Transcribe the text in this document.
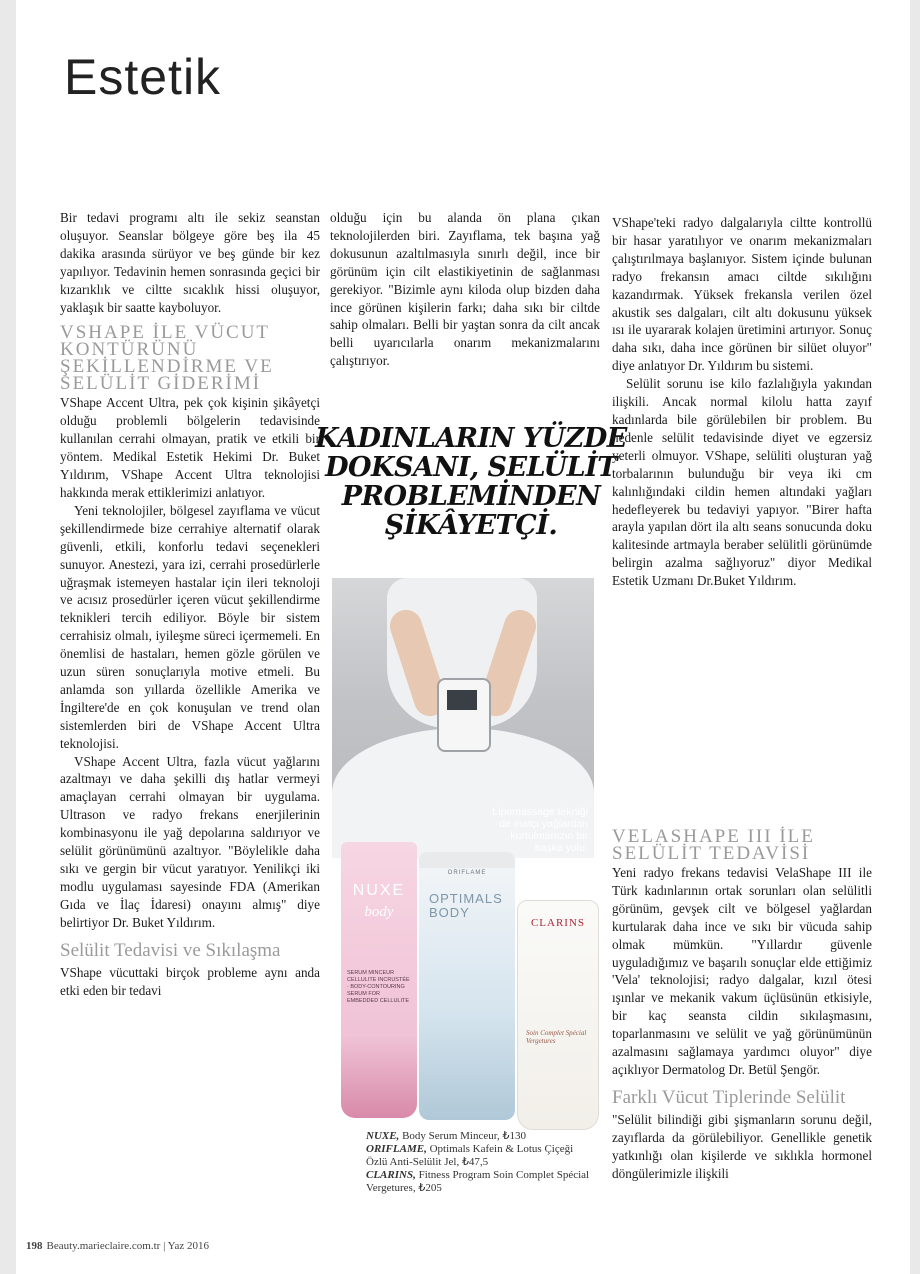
Estetik

Bir tedavi programı altı ile sekiz seanstan oluşuyor. Seanslar bölgeye göre beş ila 45 dakika arasında sürüyor ve beş günde bir kez yapılıyor. Tedavinin hemen sonrasında geçici bir kızarıklık ve ciltte sıcaklık hissi oluşuyor, yaklaşık bir saatte kayboluyor.

VSHAPE İLE VÜCUT KONTÜRÜNÜ ŞEKİLLENDİRME VE SELÜLİT GİDERİMİ

VShape Accent Ultra, pek çok kişinin şikâyetçi olduğu problemli bölgelerin tedavisinde kullanılan cerrahi olmayan, pratik ve etkili bir yöntem. Medikal Estetik Hekimi Dr. Buket Yıldırım, VShape Accent Ultra teknolojisi hakkında merak ettiklerimizi anlatıyor.

Yeni teknolojiler, bölgesel zayıflama ve vücut şekillendirmede bize cerrahiye alternatif olarak güvenli, etkili, konforlu tedavi seçenekleri sunuyor. Anestezi, yara izi, cerrahi prosedürlerle uğraşmak istemeyen hastalar için ileri teknoloji ve acısız prosedürler içeren vücut şekillendirme teknikleri tercih ediliyor. Böyle bir sistem cerrahisiz olmalı, iyileşme süreci içermemeli. En önemlisi de hastaları, hemen gözle görülen ve uzun süren sonuçlarıyla motive etmeli. Bu anlamda son yıllarda özellikle Amerika ve İngiltere'de en çok konuşulan ve trend olan sistemlerden biri de VShape Accent Ultra teknolojisi.

VShape Accent Ultra, fazla vücut yağlarını azaltmayı ve daha şekilli dış hatlar vermeyi amaçlayan cerrahi olmayan bir uygulama. Ultrason ve radyo frekans enerjilerinin kombinasyonu ile yağ depolarına saldırıyor ve selülit görünümünü azaltıyor. "Böylelikle daha sıkı ve gergin bir vücut yaratıyor. Yenilikçi iki modlu uygulaması sayesinde FDA (Amerikan Gıda ve İlaç İdaresi) onayını almış" diye belirtiyor Dr. Buket Yıldırım.

Selülit Tedavisi ve Sıkılaşma

VShape vücuttaki birçok probleme aynı anda etki eden bir tedavi

olduğu için bu alanda ön plana çıkan teknolojilerden biri. Zayıflama, tek başına yağ dokusunun azaltılmasıyla sınırlı değil, ince bir görünüm için cilt elastikiyetinin de sağlanması gerekiyor. "Bizimle aynı kiloda olup bizden daha ince görünen kişilerin farkı; daha sıkı bir ciltde sahip olmaları. Belli bir yaştan sonra da cilt ancak belli uyarıcılarla onarım mekanizmalarını çalıştırıyor.

KADINLARIN YÜZDE DOKSANI, SELÜLİT PROBLEMİNDEN ŞİKÂYETÇİ.
Lipomassage tekniği de inatçı yağlardan kurtulmanızın bir başka yolu.
NUXE
body
SERUM MINCEUR CELLULITE INCRUSTÉE · BODY-CONTOURING SERUM FOR EMBEDDED CELLULITE
ORIFLAME
OPTIMALS BODY
CLARINS
Soin Complet Spécial Vergetures
NUXE, Body Serum Minceur, ₺130
ORIFLAME, Optimals Kafein & Lotus Çiçeği Özlü Anti-Selülit Jel, ₺47,5
CLARINS, Fitness Program Soin Complet Spécial Vergetures, ₺205

VShape'teki radyo dalgalarıyla ciltte kontrollü bir hasar yaratılıyor ve onarım mekanizmaları çalıştırılmaya başlanıyor. Sistem içinde bulunan radyo frekansın amacı ciltde sıkılığını kazandırmak. Yüksek frekansla verilen özel akustik ses dalgaları, cilt altı dokusunu yüksek ısı ile uyararak kolajen üretimini artırıyor. Sonuç daha sıkı, daha ince görünen bir silüet oluyor" diye anlatıyor Dr. Yıldırım bu sistemi.

Selülit sorunu ise kilo fazlalığıyla yakından ilişkili. Ancak normal kilolu hatta zayıf kadınlarda bile görülebilen bir problem. Bu nedenle selülit tedavisinde diyet ve egzersiz yeterli olmuyor. VShape, selüliti oluşturan yağ torbalarının bulunduğu bir veya iki cm kalınlığındaki cildin hemen altındaki yağları hedefleyerek bu tedaviyi yapıyor. "Birer hafta arayla yapılan dört ila altı seans sonucunda doku kalitesinde artmayla beraber selülitli görünümde belirgin azalma sağlıyoruz" diyor Medikal Estetik Uzmanı Dr.Buket Yıldırım.

VELASHAPE III İLE SELÜLİT TEDAVİSİ

Yeni radyo frekans tedavisi VelaShape III ile Türk kadınlarının ortak sorunları olan selülitli görünüm, gevşek cilt ve bölgesel yağlardan kurtularak daha ince ve sıkı bir vücuda sahip olmak mümkün. "Yıllardır güvenle uyguladığımız ve başarılı sonuçlar elde ettiğimiz 'Vela' teknolojisi; radyo dalgalar, kızıl ötesi ışınlar ve mekanik vakum üçlüsünün etkisiyle, bir kaç seansta cildin sıkılaşmasını, toparlanmasını ve selülit ve yağ görünümünün azalmasını sağlamaya yardımcı oluyor" diye açıklıyor Dermatolog Dr. Betül Şengör.

Farklı Vücut Tiplerinde Selülit

"Selülit bilindiği gibi şişmanların sorunu değil, zayıflarda da görülebiliyor. Genellikle genetik yatkınlığı olan kişilerde ve sıklıkla hormonel döngülerimizle ilişkili

198 Beauty.marieclaire.com.tr | Yaz 2016
